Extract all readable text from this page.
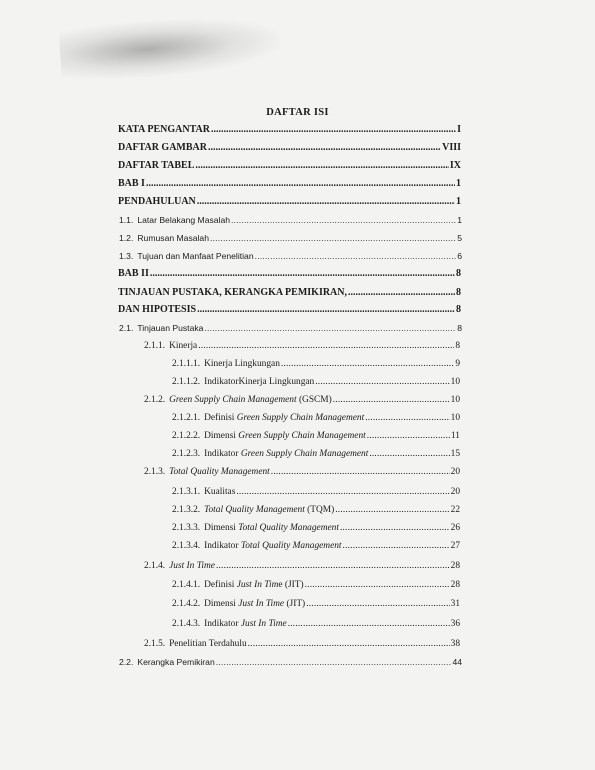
DAFTAR ISI
KATA PENGANTAR .....	I
DAFTAR GAMBAR .....	VIII
DAFTAR TABEL .....	IX
BAB I .....	1
PENDAHULUAN .....	1
1.1. Latar Belakang Masalah .....	1
1.2. Rumusan Masalah .....	5
1.3. Tujuan dan Manfaat Penelitian .....	6
BAB II .....	8
TINJAUAN PUSTAKA, KERANGKA PEMIKIRAN, .....	8
DAN HIPOTESIS .....	8
2.1. Tinjauan Pustaka .....	8
2.1.1. Kinerja .....	8
2.1.1.1. Kinerja Lingkungan .....	9
2.1.1.2. IndikatorKinerja Lingkungan .....	10
2.1.2. Green Supply Chain Management (GSCM) .....	10
2.1.2.1. Definisi Green Supply Chain Management .....	10
2.1.2.2. Dimensi Green Supply Chain Management .....	11
2.1.2.3. Indikator Green Supply Chain Management .....	15
2.1.3. Total Quality Management .....	20
2.1.3.1. Kualitas .....	20
2.1.3.2. Total Quality Management (TQM) .....	22
2.1.3.3. Dimensi Total Quality Management .....	26
2.1.3.4. Indikator Total Quality Management .....	27
2.1.4. Just In Time .....	28
2.1.4.1. Definisi Just In Time (JIT) .....	28
2.1.4.2. Dimensi Just In Time (JIT) .....	31
2.1.4.3. Indikator Just In Time .....	36
2.1.5. Penelitian Terdahulu .....	38
2.2. Kerangka Pemikiran .....	44
